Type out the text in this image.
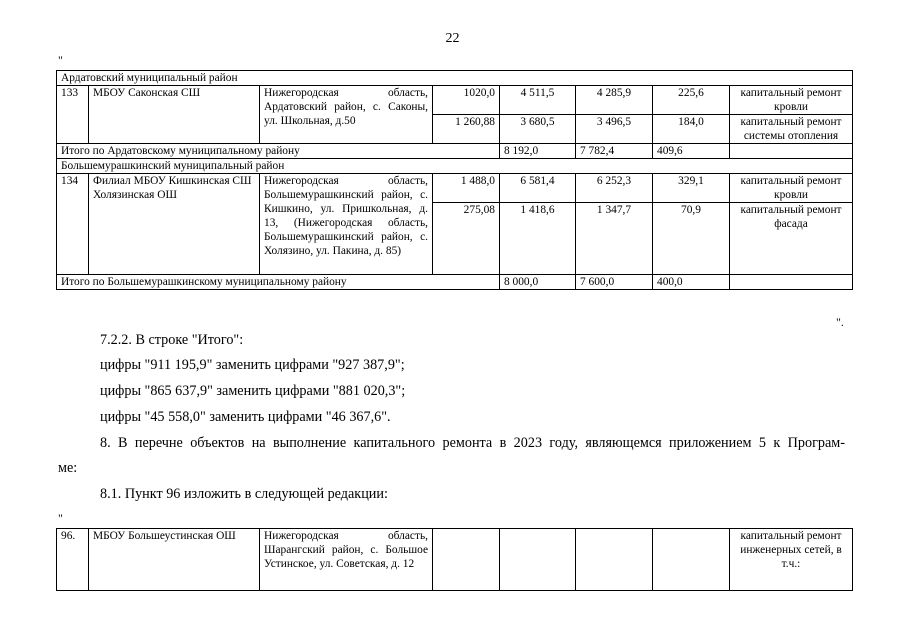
22
"
Ардатовский муниципальный район							
133	МБОУ Саконская СШ	Нижегородская область, Ардатовский район, с. Саконы, ул. Школьная, д.50	1020,0	4 511,5	4 285,9	225,6	капитальный ремонт кровли
			1 260,88	3 680,5	3 496,5	184,0	капитальный ремонт системы отопления
Итого по Ардатовскому муниципальному району				8 192,0	7 782,4	409,6	
Большемурашкинский муниципальный район							
134	Филиал МБОУ Кишкинская СШ Холязинская ОШ	Нижегородская область, Большемурашкинский район, с. Кишкино, ул. Пришкольная, д. 13, (Нижегородская область, Большемурашкинский район, с. Холязино, ул. Пакина, д. 85)	1 488,0	6 581,4	6 252,3	329,1	капитальный ремонт кровли
			275,08	1 418,6	1 347,7	70,9	капитальный ремонт фасада
Итого по Большемурашкинскому муниципальному району				8 000,0	7 600,0	400,0	
".
7.2.2. В строке "Итого":
цифры "911 195,9" заменить цифрами "927 387,9";
цифры "865 637,9" заменить цифрами "881 020,3";
цифры "45 558,0" заменить цифрами "46 367,6".
8. В перечне объектов на выполнение капитального ремонта в 2023 году, являющемся приложением 5 к Програм-
ме:
8.1. Пункт 96 изложить в следующей редакции:
"
96.	МБОУ Большеустинская ОШ	Нижегородская область, Шарангский район, с. Большое Устинское, ул. Советская, д. 12					капитальный ремонт инженерных сетей, в т.ч.:
